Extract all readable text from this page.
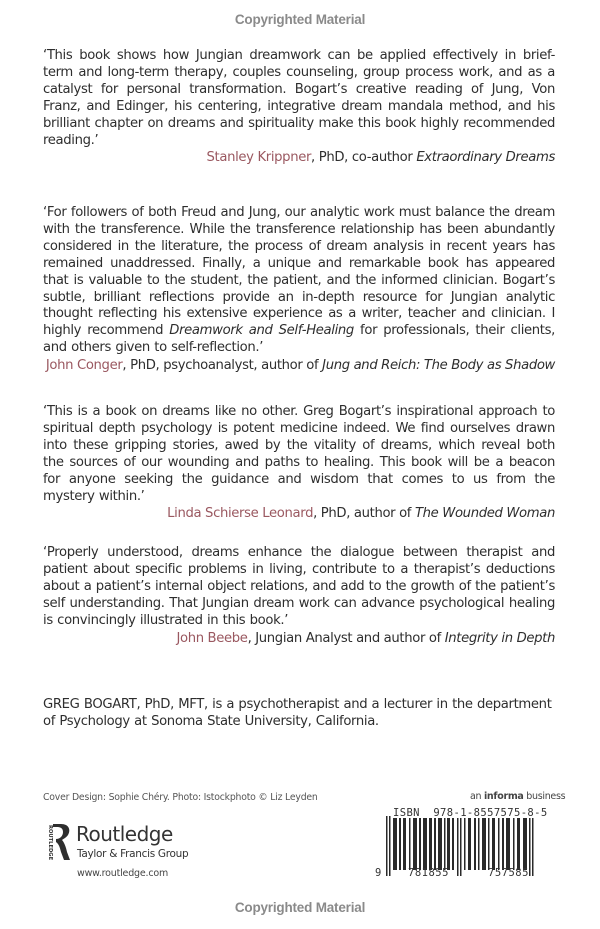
Copyrighted Material

‘This book shows how Jungian dreamwork can be applied effectively in brief-term and long-term therapy, couples counseling, group process work, and as a catalyst for personal transformation. Bogart’s creative reading of Jung, Von Franz, and Edinger, his centering, integrative dream mandala method, and his brilliant chapter on dreams and spirituality make this book highly recommended reading.’

Stanley Krippner, PhD, co-author Extraordinary Dreams

‘For followers of both Freud and Jung, our analytic work must balance the dream with the transference. While the transference relationship has been abundantly considered in the literature, the process of dream analysis in recent years has remained unaddressed. Finally, a unique and remarkable book has appeared that is valuable to the student, the patient, and the informed clinician. Bogart’s subtle, brilliant reflections provide an in-depth resource for Jungian analytic thought reflecting his extensive experience as a writer, teacher and clinician. I highly recommend Dreamwork and Self-Healing for professionals, their clients, and others given to self-reflection.’

John Conger, PhD, psychoanalyst, author of Jung and Reich: The Body as Shadow

‘This is a book on dreams like no other. Greg Bogart’s inspirational approach to spiritual depth psychology is potent medicine indeed. We find ourselves drawn into these gripping stories, awed by the vitality of dreams, which reveal both the sources of our wounding and paths to healing. This book will be a beacon for anyone seeking the guidance and wisdom that comes to us from the mystery within.’

Linda Schierse Leonard, PhD, author of The Wounded Woman

‘Properly understood, dreams enhance the dialogue between therapist and patient about specific problems in living, contribute to a therapist’s deductions about a patient’s internal object relations, and add to the growth of the patient’s self understanding. That Jungian dream work can advance psychological healing is convincingly illustrated in this book.’

John Beebe, Jungian Analyst and author of Integrity in Depth

GREG BOGART, PhD, MFT, is a psychotherapist and a lecturer in the department of Psychology at Sonoma State University, California.

Cover Design: Sophie Chéry. Photo: Istockphoto © Liz Leyden
ROUTLEDGE Routledge
Taylor & Francis Group
www.routledge.com
an informa business
ISBN  978-1-8557575-8-5
9	781855	757585
Copyrighted Material
